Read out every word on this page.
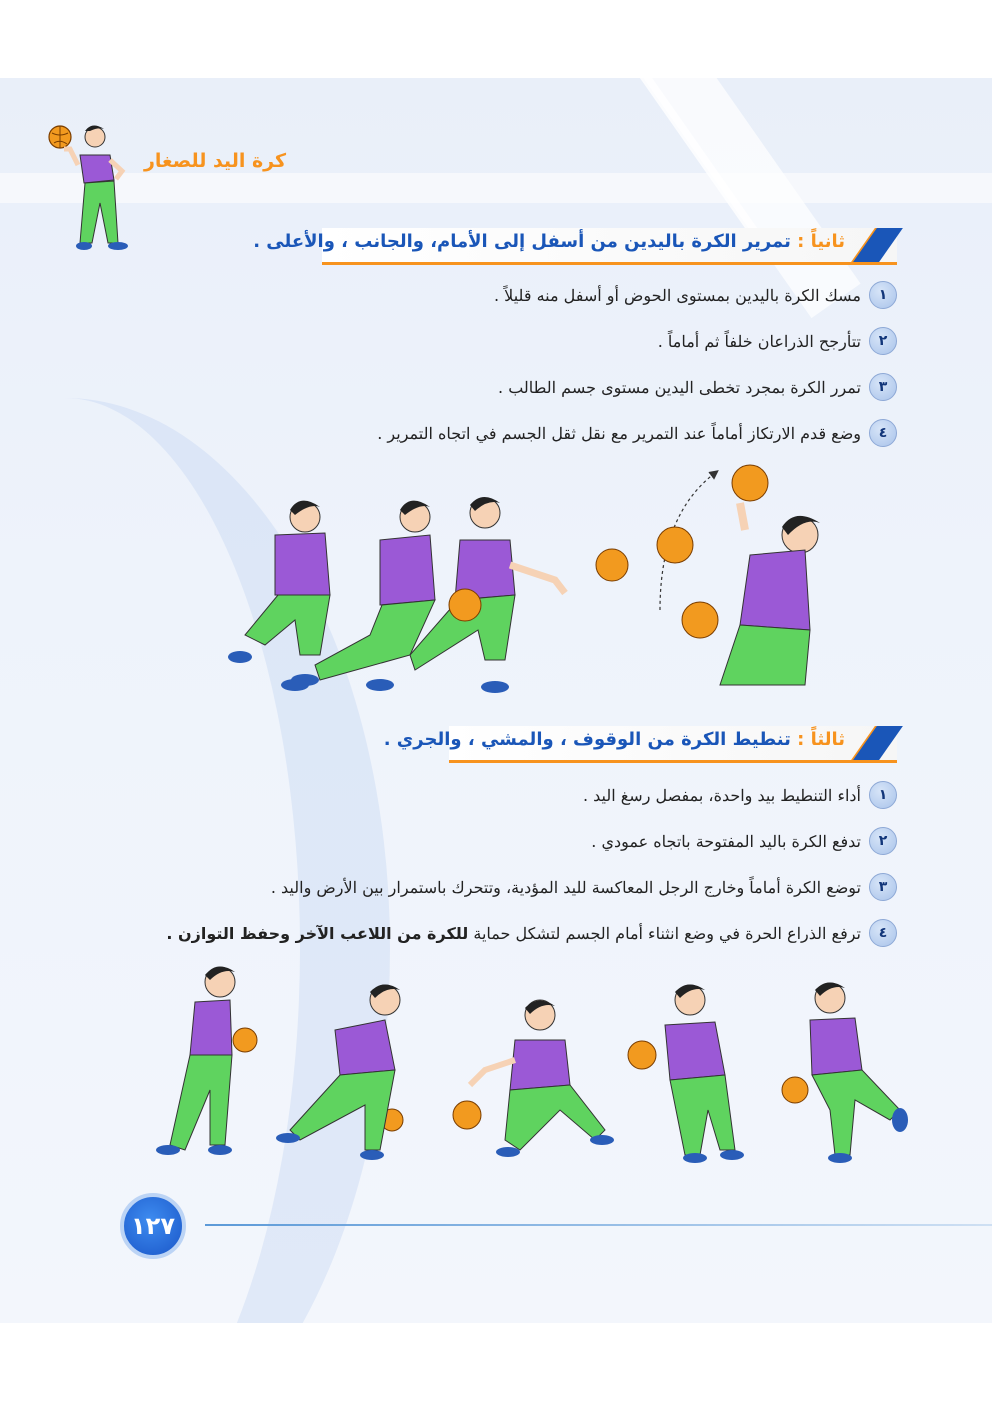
كرة اليد للصغار
ثانياً : تمرير الكرة باليدين من أسفل إلى الأمام، والجانب ، والأعلى .
١
مسك الكرة باليدين بمستوى الحوض أو أسفل منه قليلاً .
٢
تتأرجح الذراعان خلفاً ثم أماماً .
٣
تمرر الكرة بمجرد تخطى اليدين مستوى جسم الطالب .
٤
وضع قدم الارتكاز أماماً عند التمرير مع نقل ثقل الجسم في اتجاه التمرير .
ثالثاً : تنطيط الكرة من الوقوف ، والمشي ، والجري .
١
أداء التنطيط بيد واحدة، بمفصل رسغ اليد .
٢
تدفع الكرة باليد المفتوحة باتجاه عمودي .
٣
توضع الكرة أماماً وخارج الرجل المعاكسة لليد المؤدية، وتتحرك باستمرار بين الأرض واليد .
٤
ترفع الذراع الحرة في وضع انثناء أمام الجسم لتشكل حماية للكرة من اللاعب الآخر وحفظ التوازن .
١٢٧
